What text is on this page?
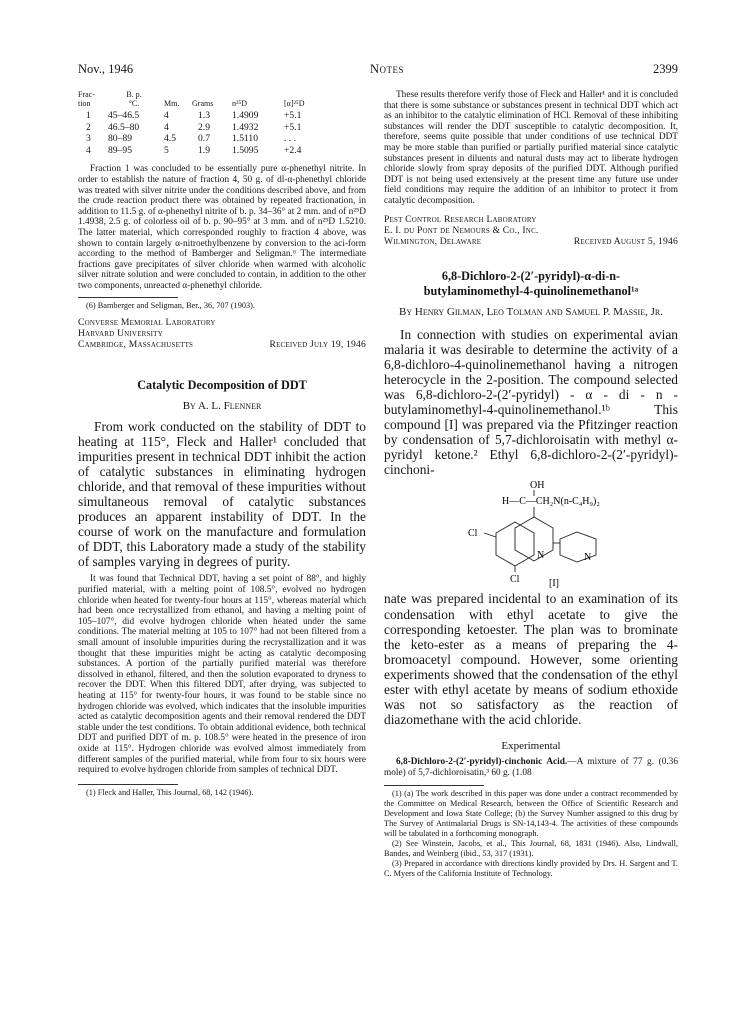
Nov., 1946	Notes	2399
Frac-
tion	B. p.
°C.	Mm.	Grams	n²⁵D	[α]²⁵D
1	45–46.5	4	1.3	1.4909	+5.1
2	46.5–80	4	2.9	1.4932	+5.1
3	80–89	4.5	0.7	1.5110	. . .
4	89–95	5	1.9	1.5095	+2.4

Fraction 1 was concluded to be essentially pure α-phenethyl nitrite. In order to establish the nature of fraction 4, 50 g. of dl-α-phenethyl chloride was treated with silver nitrite under the conditions described above, and from the crude reaction product there was obtained by repeated fractionation, in addition to 11.5 g. of α-phenethyl nitrite of b. p. 34–36° at 2 mm. and of n²⁵D 1.4938, 2.5 g. of colorless oil of b. p. 90–95° at 3 mm. and of n²⁵D 1.5210. The latter material, which corresponded roughly to fraction 4 above, was shown to contain largely α-nitroethylbenzene by conversion to the aci-form according to the method of Bamberger and Seligman.⁶ The intermediate fractions gave precipitates of silver chloride when warmed with alcoholic silver nitrate solution and were concluded to contain, in addition to the other two components, unreacted α-phenethyl chloride.

(6) Bamberger and Seligman, Ber., 36, 707 (1903).

Converse Memorial Laboratory

Harvard University

Cambridge, Massachusetts	Received July 19, 1946

Catalytic Decomposition of DDT

By A. L. Flenner

From work conducted on the stability of DDT to heating at 115°, Fleck and Haller¹ concluded that impurities present in technical DDT inhibit the action of catalytic substances in eliminating hydrogen chloride, and that removal of these impurities without simultaneous removal of catalytic substances produces an apparent instability of DDT. In the course of work on the manufacture and formulation of DDT, this Laboratory made a study of the stability of samples varying in degrees of purity.

It was found that Technical DDT, having a set point of 88°, and highly purified material, with a melting point of 108.5°, evolved no hydrogen chloride when heated for twenty-four hours at 115°, whereas material which had been once recrystallized from ethanol, and having a melting point of 105–107°, did evolve hydrogen chloride when heated under the same conditions. The material melting at 105 to 107° had not been filtered from a small amount of insoluble impurities during the recrystallization and it was thought that these impurities might be acting as catalytic decomposing substances. A portion of the partially purified material was therefore dissolved in ethanol, filtered, and then the solution evaporated to dryness to recover the DDT. When this filtered DDT, after drying, was subjected to heating at 115° for twenty-four hours, it was found to be stable since no hydrogen chloride was evolved, which indicates that the insoluble impurities acted as catalytic decomposition agents and their removal rendered the DDT stable under the test conditions. To obtain additional evidence, both technical DDT and purified DDT of m. p. 108.5° were heated in the presence of iron oxide at 115°. Hydrogen chloride was evolved almost immediately from different samples of the purified material, while from four to six hours were required to evolve hydrogen chloride from samples of technical DDT.

(1) Fleck and Haller, This Journal, 68, 142 (1946).

These results therefore verify those of Fleck and Haller¹ and it is concluded that there is some substance or substances present in technical DDT which act as an inhibitor to the catalytic elimination of HCl. Removal of these inhibiting substances will render the DDT susceptible to catalytic decomposition. It, therefore, seems quite possible that under conditions of use technical DDT may be more stable than purified or partially purified material since catalytic substances present in diluents and natural dusts may act to liberate hydrogen chloride slowly from spray deposits of the purified DDT. Although purified DDT is not being used extensively at the present time any future use under field conditions may require the addition of an inhibitor to protect it from catalytic decomposition.

Pest Control Research Laboratory

E. I. du Pont de Nemours & Co., Inc.

Wilmington, Delaware	Received August 5, 1946

6,8-Dichloro-2-(2′-pyridyl)-α-di-n-

butylaminomethyl-4-quinolinemethanol¹ᵃ

By Henry Gilman, Leo Tolman and Samuel P. Massie, Jr.

In connection with studies on experimental avian malaria it was desirable to determine the activity of a 6,8-dichloro-4-quinolinemethanol having a nitrogen heterocycle in the 2-position. The compound selected was 6,8-dichloro-2-(2′-pyridyl) - α - di - n - butylaminomethyl-4-quinolinemethanol.¹ᵇ This compound [I] was prepared via the Pfitzinger reaction by condensation of 5,7-dichloroisatin with methyl α-pyridyl ketone.² Ethyl 6,8-dichloro-2-(2′-pyridyl)-cinchoni-

OH
H—C—CH₂N(n-C₄H₉)₂
N	N
Cl
Cl	[I]

nate was prepared incidental to an examination of its condensation with ethyl acetate to give the corresponding ketoester. The plan was to brominate the keto-ester as a means of preparing the 4-bromoacetyl compound. However, some orienting experiments showed that the condensation of the ethyl ester with ethyl acetate by means of sodium ethoxide was not so satisfactory as the reaction of diazomethane with the acid chloride.

Experimental

6,8-Dichloro-2-(2′-pyridyl)-cinchonic Acid.—A mixture of 77 g. (0.36 mole) of 5,7-dichloroisatin,³ 60 g. (1.08

(1) (a) The work described in this paper was done under a contract recommended by the Committee on Medical Research, between the Office of Scientific Research and Development and Iowa State College; (b) the Survey Number assigned to this drug by The Survey of Antimalarial Drugs is SN-14,143-4. The activities of these compounds will be tabulated in a forthcoming monograph.

(2) See Winstein, Jacobs, et al., This Journal, 68, 1831 (1946). Also, Lindwall, Bandes, and Weinberg (ibid., 53, 317 (1931).

(3) Prepared in accordance with directions kindly provided by Drs. H. Sargent and T. C. Myers of the California Institute of Technology.
